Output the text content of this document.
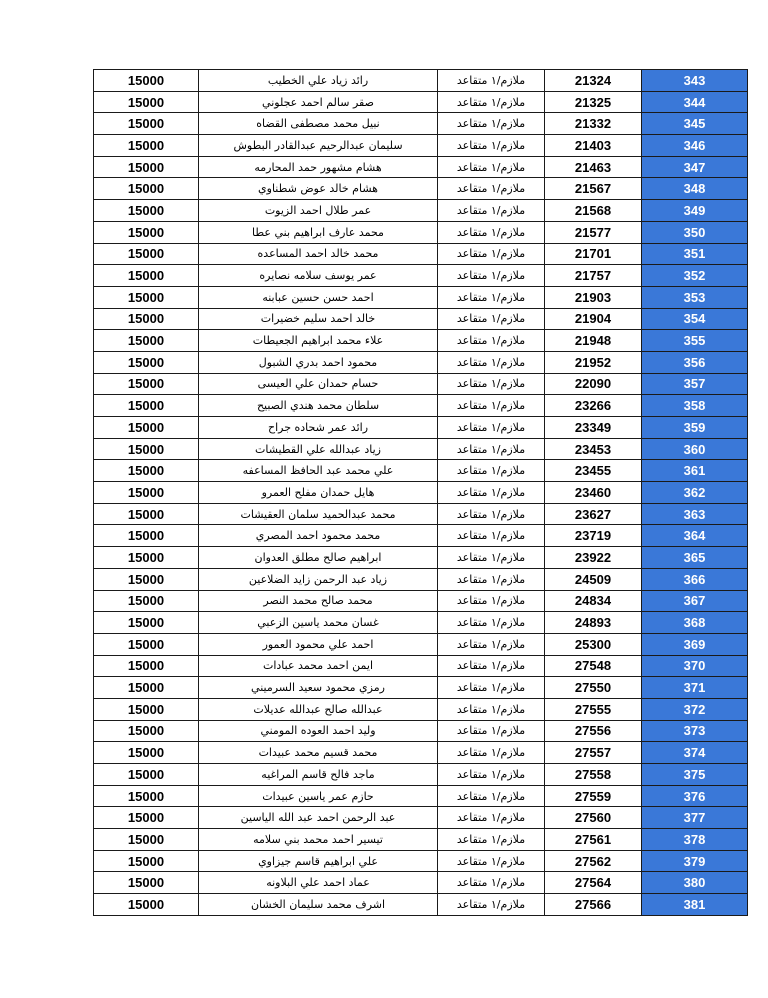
15000	رائد زياد علي الخطيب	ملازم/١ متقاعد	21324	343
15000	صقر سالم احمد عجلوني	ملازم/١ متقاعد	21325	344
15000	نبيل محمد مصطفى القضاه	ملازم/١ متقاعد	21332	345
15000	سليمان عبدالرحيم عبدالقادر البطوش	ملازم/١ متقاعد	21403	346
15000	هشام مشهور حمد المحارمه	ملازم/١ متقاعد	21463	347
15000	هشام خالد عوض شطناوي	ملازم/١ متقاعد	21567	348
15000	عمر طلال احمد الزيوت	ملازم/١ متقاعد	21568	349
15000	محمد عارف ابراهيم بني عطا	ملازم/١ متقاعد	21577	350
15000	محمد خالد احمد المساعده	ملازم/١ متقاعد	21701	351
15000	عمر يوسف سلامه نصايره	ملازم/١ متقاعد	21757	352
15000	احمد حسن حسين عبابنه	ملازم/١ متقاعد	21903	353
15000	خالد احمد سليم خضيرات	ملازم/١ متقاعد	21904	354
15000	علاء محمد ابراهيم الجعيطات	ملازم/١ متقاعد	21948	355
15000	محمود احمد بدري الشبول	ملازم/١ متقاعد	21952	356
15000	حسام حمدان علي العيسى	ملازم/١ متقاعد	22090	357
15000	سلطان محمد هندي الصبيح	ملازم/١ متقاعد	23266	358
15000	رائد عمر شحاده جراح	ملازم/١ متقاعد	23349	359
15000	زياد عبدالله علي القطيشات	ملازم/١ متقاعد	23453	360
15000	علي محمد عبد الحافظ المساعفه	ملازم/١ متقاعد	23455	361
15000	هايل حمدان مفلح العمرو	ملازم/١ متقاعد	23460	362
15000	محمد عبدالحميد سلمان العقيشات	ملازم/١ متقاعد	23627	363
15000	محمد محمود احمد المصري	ملازم/١ متقاعد	23719	364
15000	ابراهيم صالح مطلق العدوان	ملازم/١ متقاعد	23922	365
15000	زياد عبد الرحمن زايد الضلاعين	ملازم/١ متقاعد	24509	366
15000	محمد صالح محمد النصر	ملازم/١ متقاعد	24834	367
15000	غسان محمد ياسين الزعبي	ملازم/١ متقاعد	24893	368
15000	احمد علي محمود العمور	ملازم/١ متقاعد	25300	369
15000	ايمن احمد محمد عبادات	ملازم/١ متقاعد	27548	370
15000	رمزي محمود سعيد السرميني	ملازم/١ متقاعد	27550	371
15000	عبدالله صالح عبدالله عديلات	ملازم/١ متقاعد	27555	372
15000	وليد احمد العوده المومني	ملازم/١ متقاعد	27556	373
15000	محمد قسيم محمد عبيدات	ملازم/١ متقاعد	27557	374
15000	ماجد فالح قاسم المراغيه	ملازم/١ متقاعد	27558	375
15000	حازم عمر ياسين عبيدات	ملازم/١ متقاعد	27559	376
15000	عبد الرحمن احمد عبد الله الياسين	ملازم/١ متقاعد	27560	377
15000	تيسير احمد محمد بني سلامه	ملازم/١ متقاعد	27561	378
15000	علي ابراهيم قاسم جيزاوي	ملازم/١ متقاعد	27562	379
15000	عماد احمد علي البلاونه	ملازم/١ متقاعد	27564	380
15000	اشرف محمد سليمان الخشان	ملازم/١ متقاعد	27566	381
